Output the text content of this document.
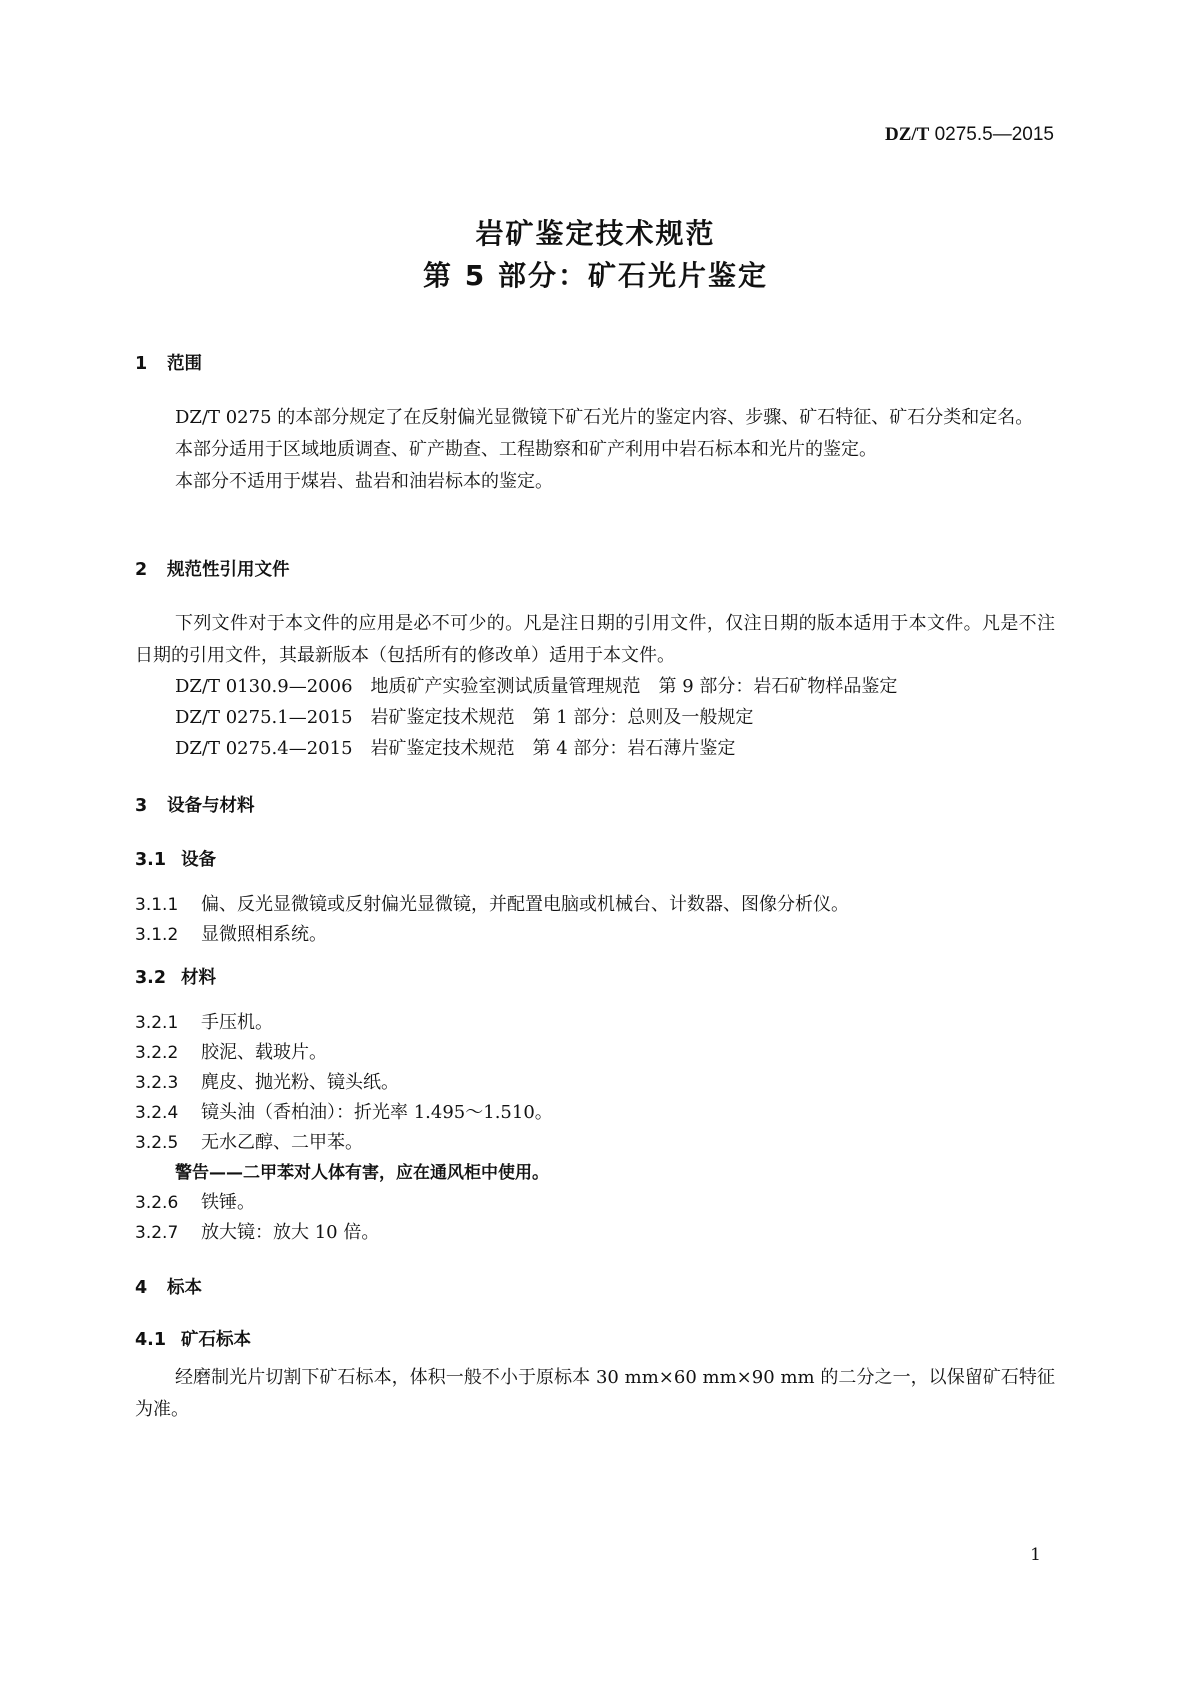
DZ/T 0275.5—2015
岩矿鉴定技术规范
第 5 部分：矿石光片鉴定
1 范围
DZ/T 0275 的本部分规定了在反射偏光显微镜下矿石光片的鉴定内容、步骤、矿石特征、矿石分类和定名。
本部分适用于区域地质调查、矿产勘查、工程勘察和矿产利用中岩石标本和光片的鉴定。
本部分不适用于煤岩、盐岩和油岩标本的鉴定。
2 规范性引用文件
下列文件对于本文件的应用是必不可少的。凡是注日期的引用文件，仅注日期的版本适用于本文件。凡是不注日期的引用文件，其最新版本（包括所有的修改单）适用于本文件。
DZ/T 0130.9—2006　地质矿产实验室测试质量管理规范　第 9 部分：岩石矿物样品鉴定
DZ/T 0275.1—2015　岩矿鉴定技术规范　第 1 部分：总则及一般规定
DZ/T 0275.4—2015　岩矿鉴定技术规范　第 4 部分：岩石薄片鉴定
3 设备与材料
3.1 设备
3.1.1 偏、反光显微镜或反射偏光显微镜，并配置电脑或机械台、计数器、图像分析仪。
3.1.2 显微照相系统。
3.2 材料
3.2.1 手压机。
3.2.2 胶泥、载玻片。
3.2.3 麂皮、抛光粉、镜头纸。
3.2.4 镜头油（香柏油）：折光率 1.495～1.510。
3.2.5 无水乙醇、二甲苯。
警告——二甲苯对人体有害，应在通风柜中使用。
3.2.6 铁锤。
3.2.7 放大镜：放大 10 倍。
4 标本
4.1 矿石标本
经磨制光片切割下矿石标本，体积一般不小于原标本 30 mm×60 mm×90 mm 的二分之一，以保留矿石特征为准。
1
